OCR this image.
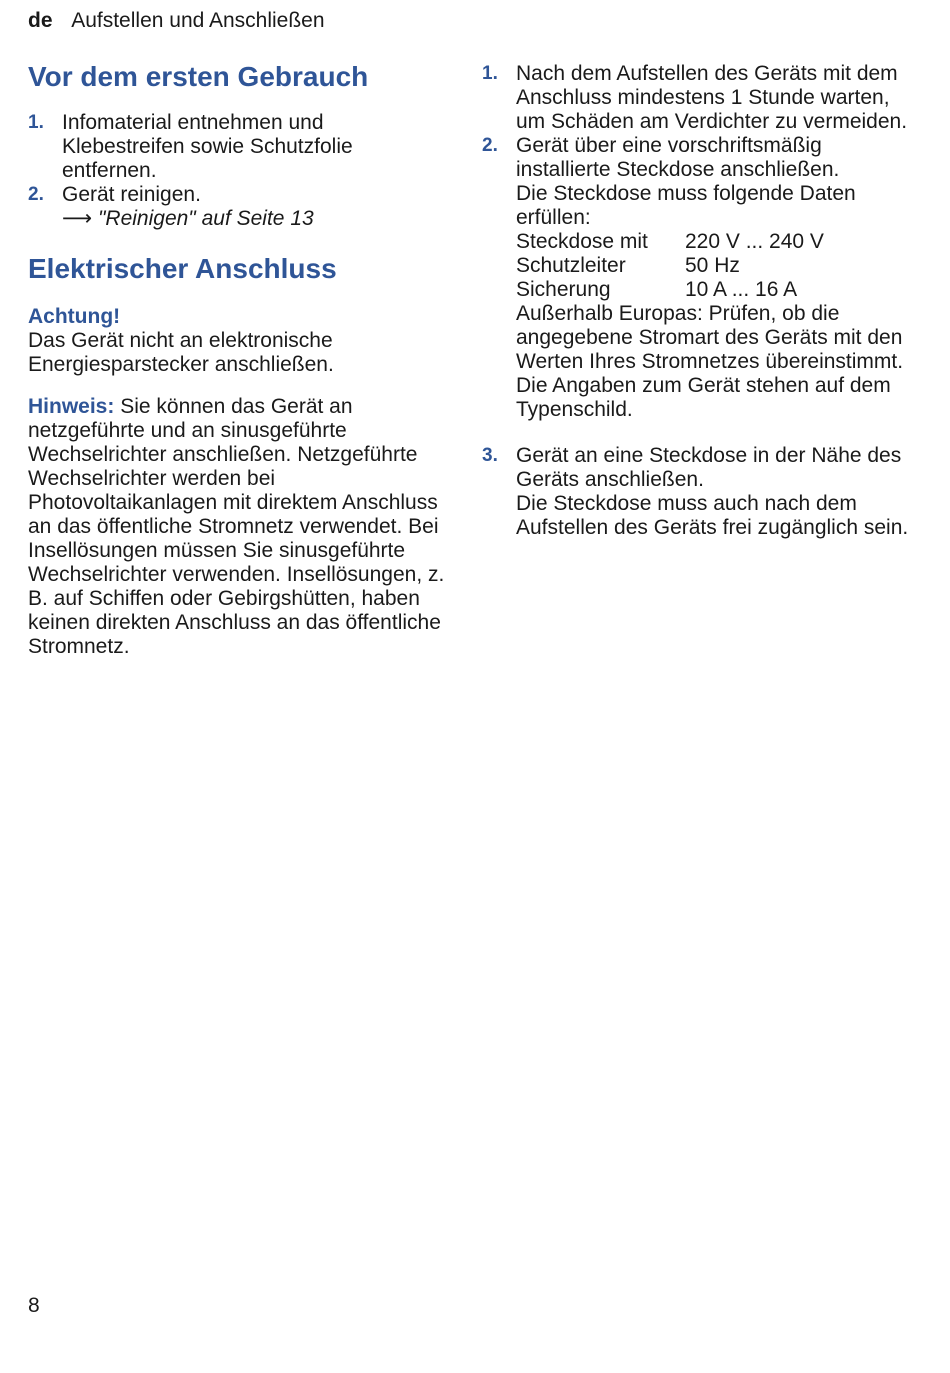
de Aufstellen und Anschließen
Vor dem ersten Gebrauch
1. Infomaterial entnehmen und Klebestreifen sowie Schutzfolie entfernen.
2. Gerät reinigen.
⟶ "Reinigen" auf Seite 13
Elektrischer Anschluss

Achtung!
Das Gerät nicht an elektronische Energiesparstecker anschließen.

Hinweis: Sie können das Gerät an netzgeführte und an sinusgeführte Wechselrichter anschließen. Netzgeführte Wechselrichter werden bei Photovoltaikanlagen mit direktem Anschluss an das öffentliche Stromnetz verwendet. Bei Insellösungen müssen Sie sinusgeführte Wechselrichter verwenden. Insellösungen, z. B. auf Schiffen oder Gebirgshütten, haben keinen direkten Anschluss an das öffentliche Stromnetz.

1. Nach dem Aufstellen des Geräts mit dem Anschluss mindestens 1 Stunde warten, um Schäden am Verdichter zu vermeiden.
2. Gerät über eine vorschriftsmäßig installierte Steckdose anschließen.
Die Steckdose muss folgende Daten erfüllen:
Steckdose mit	220 V ... 240 V
Schutzleiter	50 Hz
Sicherung	10 A ... 16 A
Außerhalb Europas: Prüfen, ob die angegebene Stromart des Geräts mit den Werten Ihres Stromnetzes übereinstimmt. Die Angaben zum Gerät stehen auf dem Typenschild.
3. Gerät an eine Steckdose in der Nähe des Geräts anschließen.
Die Steckdose muss auch nach dem Aufstellen des Geräts frei zugänglich sein.
8
